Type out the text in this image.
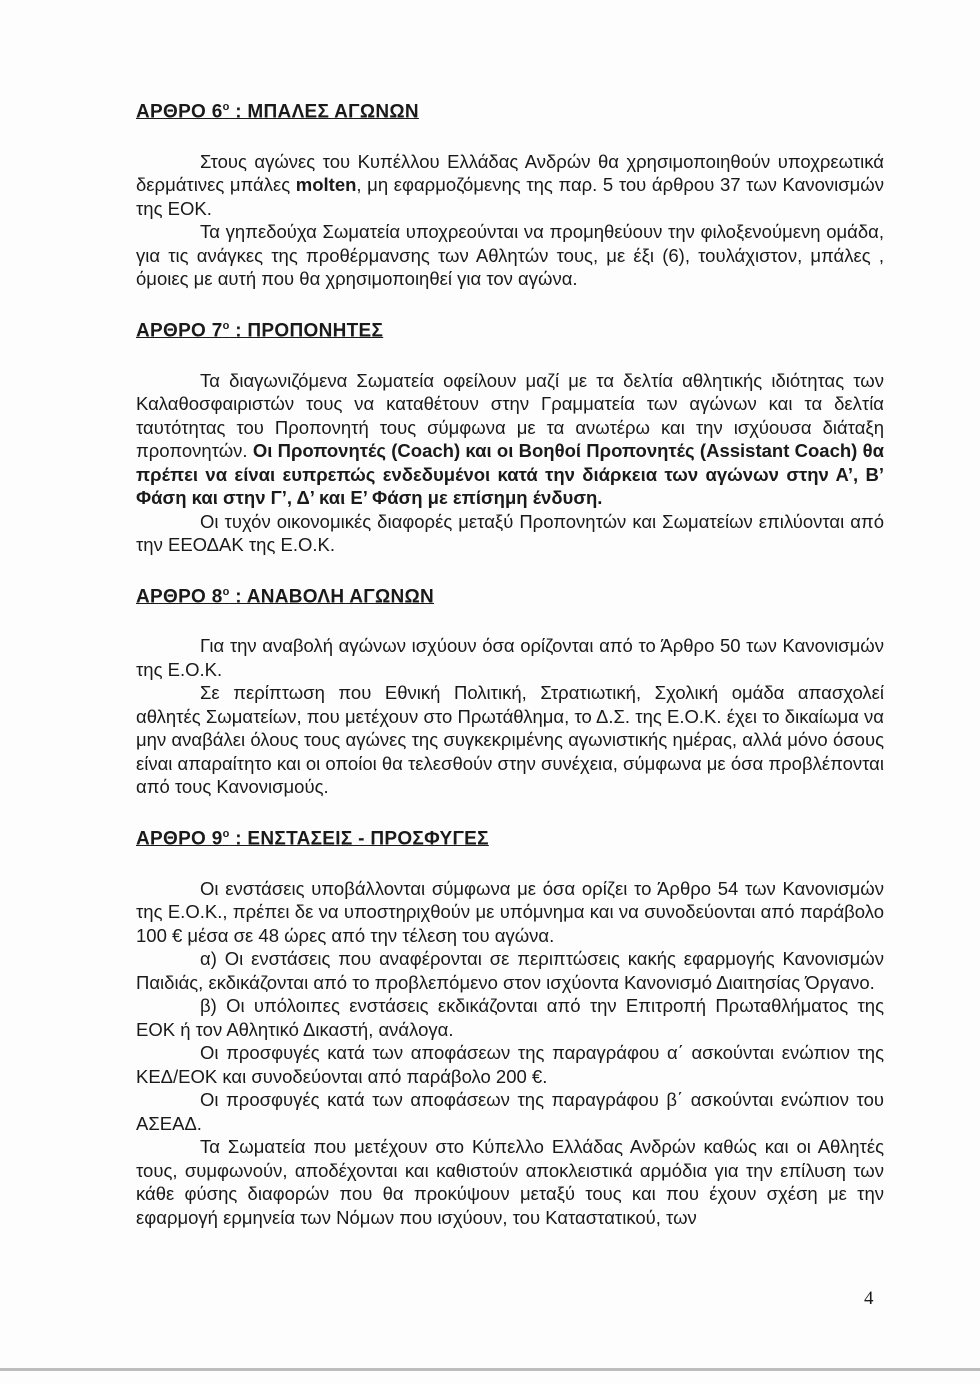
ΑΡΘΡΟ $6^o$ : ΜΠΑΛΕΣ ΑΓΩΝΩΝ

Στους αγώνες του Κυπέλλου Ελλάδας Ανδρών θα χρησιμοποιηθούν υποχρεωτικά δερμάτινες μπάλες molten, μη εφαρμοζόμενης της παρ. 5 του άρθρου 37 των Κανονισμών της ΕΟΚ.

Τα γηπεδούχα Σωματεία υποχρεούνται να προμηθεύουν την φιλοξενούμενη ομάδα, για τις ανάγκες της προθέρμανσης των Αθλητών τους, με έξι (6), τουλάχιστον, μπάλες , όμοιες με αυτή που θα χρησιμοποιηθεί για τον αγώνα.

ΑΡΘΡΟ $7^o$ : ΠΡΟΠΟΝΗΤΕΣ

Τα διαγωνιζόμενα Σωματεία οφείλουν μαζί με τα δελτία αθλητικής ιδιότητας των Καλαθοσφαιριστών τους να καταθέτουν στην Γραμματεία των αγώνων και τα δελτία ταυτότητας του Προπονητή τους σύμφωνα με τα ανωτέρω και την ισχύουσα διάταξη προπονητών. Οι Προπονητές (Coach) και οι Βοηθοί Προπονητές (Assistant Coach) θα πρέπει να είναι ευπρεπώς ενδεδυμένοι κατά την διάρκεια των αγώνων στην Α’, Β’ Φάση και στην Γ’, Δ’ και Ε’ Φάση με επίσημη ένδυση.

Οι τυχόν οικονομικές διαφορές μεταξύ Προπονητών και Σωματείων επιλύονται από την ΕΕΟΔΑΚ της Ε.Ο.Κ.

ΑΡΘΡΟ $8^o$ : ΑΝΑΒΟΛΗ ΑΓΩΝΩΝ

Για την αναβολή αγώνων ισχύουν όσα ορίζονται από το Άρθρο 50 των Κανονισμών της Ε.Ο.Κ.

Σε περίπτωση που Εθνική Πολιτική, Στρατιωτική, Σχολική ομάδα απασχολεί αθλητές Σωματείων, που μετέχουν στο Πρωτάθλημα, το Δ.Σ. της Ε.Ο.Κ. έχει το δικαίωμα να μην αναβάλει όλους τους αγώνες της συγκεκριμένης αγωνιστικής ημέρας, αλλά μόνο όσους είναι απαραίτητο και οι οποίοι θα τελεσθούν στην συνέχεια, σύμφωνα με όσα προβλέπονται από τους Κανονισμούς.

ΑΡΘΡΟ $9^o$ : ΕΝΣΤΑΣΕΙΣ - ΠΡΟΣΦΥΓΕΣ

Οι ενστάσεις υποβάλλονται σύμφωνα με όσα ορίζει το Άρθρο 54 των Κανονισμών της Ε.Ο.Κ., πρέπει δε να υποστηριχθούν με υπόμνημα και να συνοδεύονται από παράβολο 100 € μέσα σε 48 ώρες από την τέλεση του αγώνα.

α) Οι ενστάσεις που αναφέρονται σε περιπτώσεις κακής εφαρμογής Κανονισμών Παιδιάς, εκδικάζονται από το προβλεπόμενο στον ισχύοντα Κανονισμό Διαιτησίας Όργανο.

β) Οι υπόλοιπες ενστάσεις εκδικάζονται από την Επιτροπή Πρωταθλήματος της ΕΟΚ ή τον Αθλητικό Δικαστή, ανάλογα.

Οι προσφυγές κατά των αποφάσεων της παραγράφου α΄ ασκούνται ενώπιον της ΚΕΔ/ΕΟΚ και συνοδεύονται από παράβολο 200 €.

Οι προσφυγές κατά των αποφάσεων της παραγράφου β΄ ασκούνται ενώπιον του ΑΣΕΑΔ.

Τα Σωματεία που μετέχουν στο Κύπελλο Ελλάδας Ανδρών καθώς και οι Αθλητές τους, συμφωνούν, αποδέχονται και καθιστούν αποκλειστικά αρμόδια για την επίλυση των κάθε φύσης διαφορών που θα προκύψουν μεταξύ τους και που έχουν σχέση με την εφαρμογή ερμηνεία των Νόμων που ισχύουν, του Καταστατικού, των

4
